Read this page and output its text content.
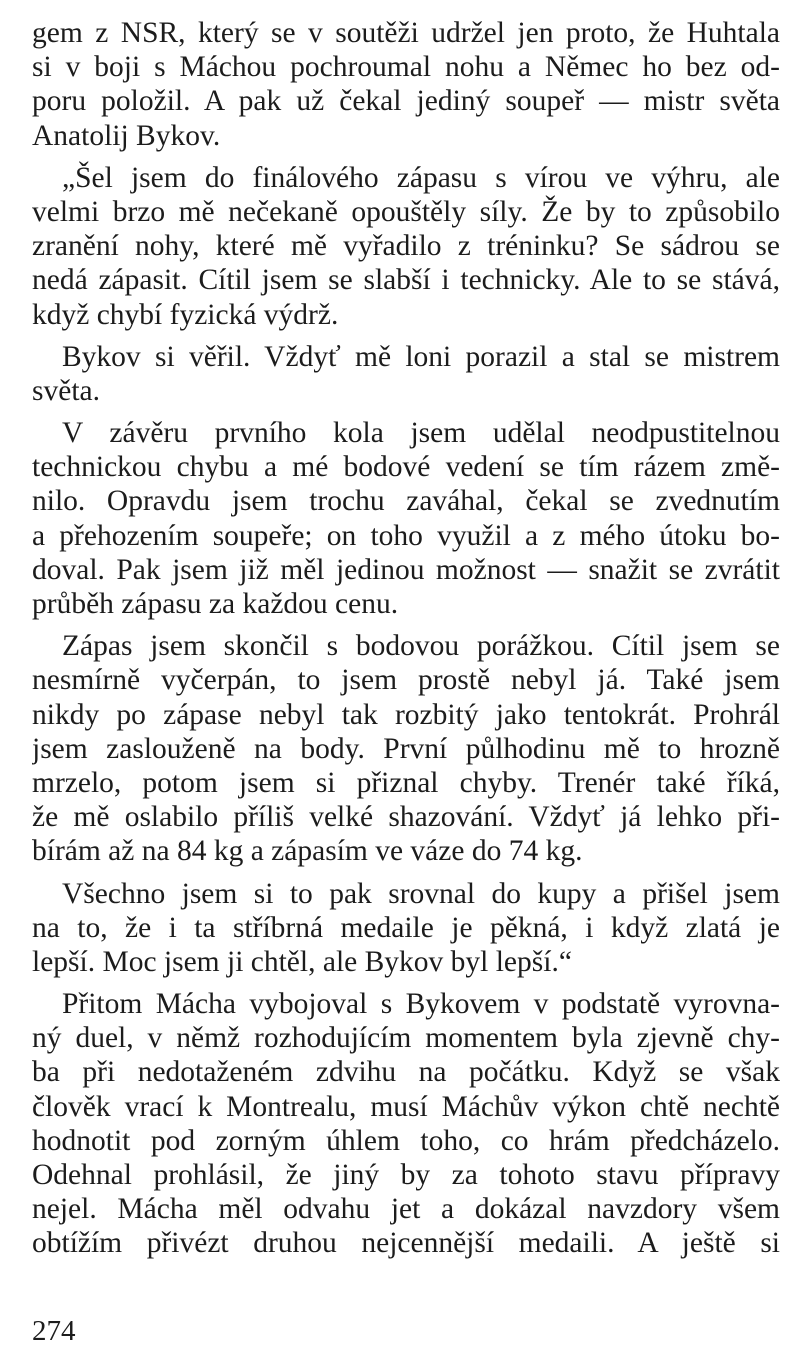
gem z NSR, který se v soutěži udržel jen proto, že Huhtala
si v boji s Máchou pochroumal nohu a Němec ho bez od-
poru položil. A pak už čekal jediný soupeř — mistr světa
Anatolij Bykov.
„Šel jsem do finálového zápasu s vírou ve výhru, ale
velmi brzo mě nečekaně opouštěly síly. Že by to způsobilo
zranění nohy, které mě vyřadilo z tréninku? Se sádrou se
nedá zápasit. Cítil jsem se slabší i technicky. Ale to se stává,
když chybí fyzická výdrž.
Bykov si věřil. Vždyť mě loni porazil a stal se mistrem
světa.
V závěru prvního kola jsem udělal neodpustitelnou
technickou chybu a mé bodové vedení se tím rázem změ-
nilo. Opravdu jsem trochu zaváhal, čekal se zvednutím
a přehozením soupeře; on toho využil a z mého útoku bo-
doval. Pak jsem již měl jedinou možnost — snažit se zvrátit
průběh zápasu za každou cenu.
Zápas jsem skončil s bodovou porážkou. Cítil jsem se
nesmírně vyčerpán, to jsem prostě nebyl já. Také jsem
nikdy po zápase nebyl tak rozbitý jako tentokrát. Prohrál
jsem zaslouženě na body. První půlhodinu mě to hrozně
mrzelo, potom jsem si přiznal chyby. Trenér také říká,
že mě oslabilo příliš velké shazování. Vždyť já lehko při-
bírám až na 84 kg a zápasím ve váze do 74 kg.
Všechno jsem si to pak srovnal do kupy a přišel jsem
na to, že i ta stříbrná medaile je pěkná, i když zlatá je
lepší. Moc jsem ji chtěl, ale Bykov byl lepší.“
Přitom Mácha vybojoval s Bykovem v podstatě vyrovna-
ný duel, v němž rozhodujícím momentem byla zjevně chy-
ba při nedotaženém zdvihu na počátku. Když se však
člověk vrací k Montrealu, musí Máchův výkon chtě nechtě
hodnotit pod zorným úhlem toho, co hrám předcházelo.
Odehnal prohlásil, že jiný by za tohoto stavu přípravy
nejel. Mácha měl odvahu jet a dokázal navzdory všem
obtížím přivézt druhou nejcennější medaili. A ještě si
274
